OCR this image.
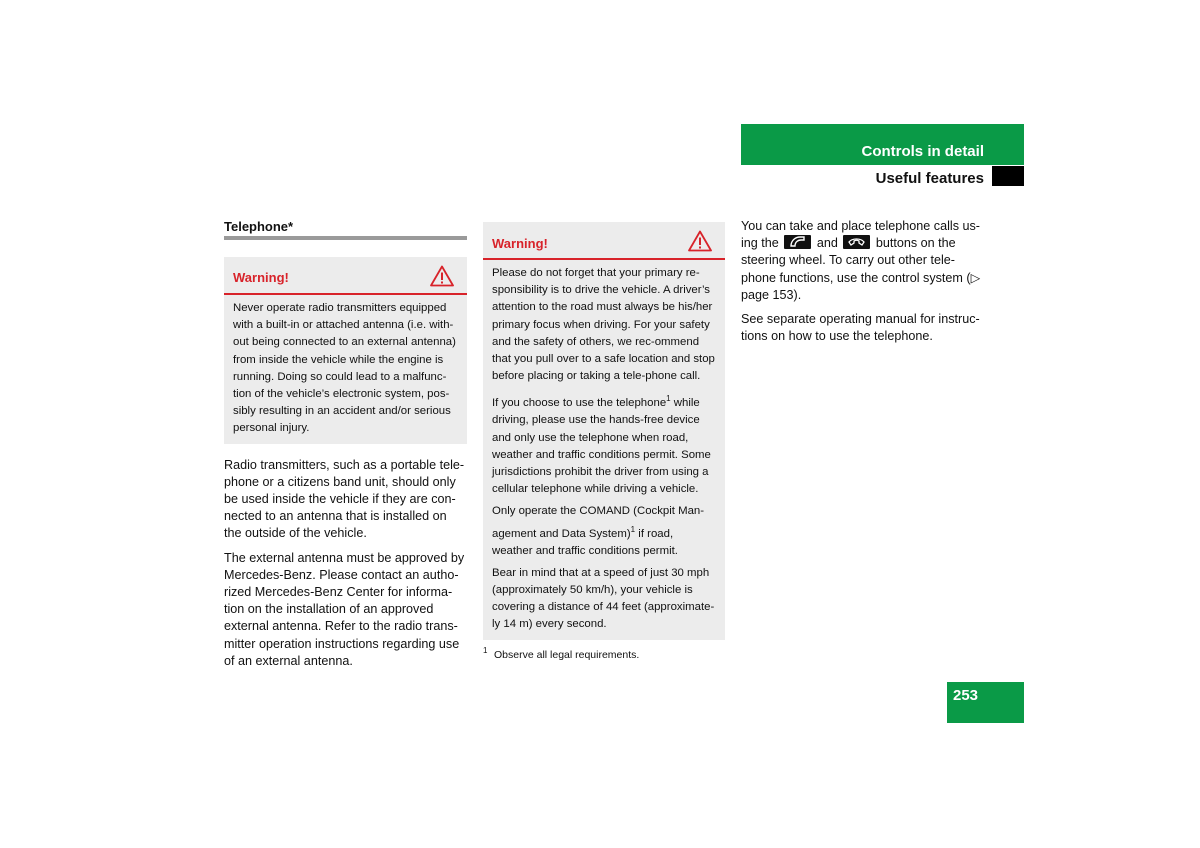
Controls in detail
Useful features
Telephone*
Warning!

Never operate radio transmitters equipped with a built-in or attached antenna (i.e. with-out being connected to an external antenna) from inside the vehicle while the engine is running. Doing so could lead to a malfunc-tion of the vehicle’s electronic system, pos-sibly resulting in an accident and/or serious personal injury.

Radio transmitters, such as a portable tele-phone or a citizens band unit, should only be used inside the vehicle if they are con-nected to an antenna that is installed on the outside of the vehicle.

The external antenna must be approved by Mercedes-Benz. Please contact an autho-rized Mercedes-Benz Center for informa-tion on the installation of an approved external antenna. Refer to the radio trans-mitter operation instructions regarding use of an external antenna.

Warning!

Please do not forget that your primary re-sponsibility is to drive the vehicle. A driver’s attention to the road must always be his/her primary focus when driving. For your safety and the safety of others, we rec-ommend that you pull over to a safe location and stop before placing or taking a tele-phone call.

If you choose to use the telephone$^1$ while driving, please use the hands-free device and only use the telephone when road, weather and traffic conditions permit. Some jurisdictions prohibit the driver from using a cellular telephone while driving a vehicle.

Only operate the COMAND (Cockpit Man-agement and Data System)$^1$ if road, weather and traffic conditions permit.

Bear in mind that at a speed of just 30 mph (approximately 50 km/h), your vehicle is covering a distance of 44 feet (approximate-ly 14 m) every second.

1 Observe all legal requirements.

You can take and place telephone calls us-ing the	and	buttons on the steering wheel. To carry out other tele-phone functions, use the control system (▷ page 153).

See separate operating manual for instruc-tions on how to use the telephone.

253
